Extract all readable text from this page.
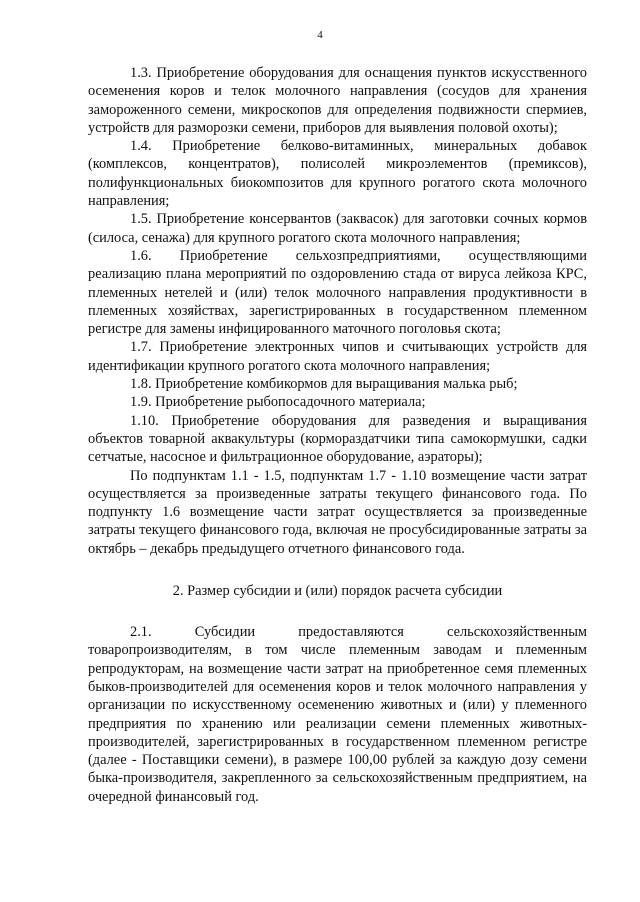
4

1.3. Приобретение оборудования для оснащения пунктов искусственного осеменения коров и телок молочного направления (сосудов для хранения замороженного семени, микроскопов для определения подвижности спермиев, устройств для разморозки семени, приборов для выявления половой охоты);

1.4. Приобретение белково-витаминных, минеральных добавок (комплексов, концентратов), полисолей микроэлементов (премиксов), полифункциональных биокомпозитов для крупного рогатого скота молочного направления;

1.5. Приобретение консервантов (заквасок) для заготовки сочных кормов (силоса, сенажа) для крупного рогатого скота молочного направления;

1.6. Приобретение сельхозпредприятиями, осуществляющими реализацию плана мероприятий по оздоровлению стада от вируса лейкоза КРС, племенных нетелей и (или) телок молочного направления продуктивности в племенных хозяйствах, зарегистрированных в государственном племенном регистре для замены инфицированного маточного поголовья скота;

1.7. Приобретение электронных чипов и считывающих устройств для идентификации крупного рогатого скота молочного направления;

1.8. Приобретение комбикормов для выращивания малька рыб;

1.9. Приобретение рыбопосадочного материала;

1.10. Приобретение оборудования для разведения и выращивания объектов товарной аквакультуры (кормораздатчики типа самокормушки, садки сетчатые, насосное и фильтрационное оборудование, аэраторы);

По подпунктам 1.1 - 1.5, подпунктам 1.7 - 1.10 возмещение части затрат осуществляется за произведенные затраты текущего финансового года. По подпункту 1.6 возмещение части затрат осуществляется за произведенные затраты текущего финансового года, включая не просубсидированные затраты за октябрь – декабрь предыдущего отчетного финансового года.

2. Размер субсидии и (или) порядок расчета субсидии

2.1. Субсидии предоставляются сельскохозяйственным товаропроизводителям, в том числе племенным заводам и племенным репродукторам, на возмещение части затрат на приобретенное семя племенных быков-производителей для осеменения коров и телок молочного направления у организации по искусственному осеменению животных и (или) у племенного предприятия по хранению или реализации семени племенных животных-производителей, зарегистрированных в государственном племенном регистре (далее - Поставщики семени), в размере 100,00 рублей за каждую дозу семени быка-производителя, закрепленного за сельскохозяйственным предприятием, на очередной финансовый год.
